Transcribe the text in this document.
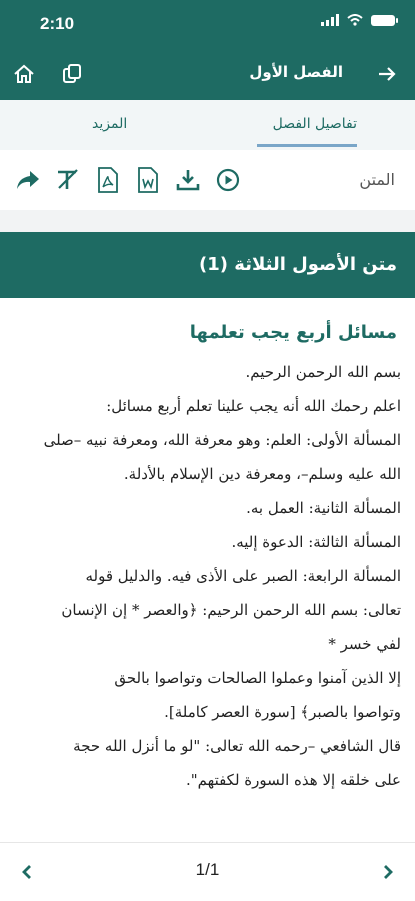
2:10
الفصل الأول
تفاصيل الفصل
المزيد
المتن
متن الأصول الثلاثة (1)
مسائل أربع يجب تعلمها

بسم الله الرحمن الرحيم.

اعلم رحمك الله أنه يجب علينا تعلم أربع مسائل:

المسألة الأولى: العلم: وهو معرفة الله، ومعرفة نبيه –صلى

الله عليه وسلم–، ومعرفة دين الإسلام بالأدلة.

المسألة الثانية: العمل به.

المسألة الثالثة: الدعوة إليه.

المسألة الرابعة: الصبر على الأذى فيه. والدليل قوله

تعالى: بسم الله الرحمن الرحيم: ﴿والعصر * إن الإنسان

لفي خسر *

إلا الذين آمنوا وعملوا الصالحات وتواصوا بالحق

وتواصوا بالصبر﴾ [سورة العصر كاملة].

قال الشافعي –رحمه الله تعالى: "لو ما أنزل الله حجة

على خلقه إلا هذه السورة لكفتهم".

1/1
